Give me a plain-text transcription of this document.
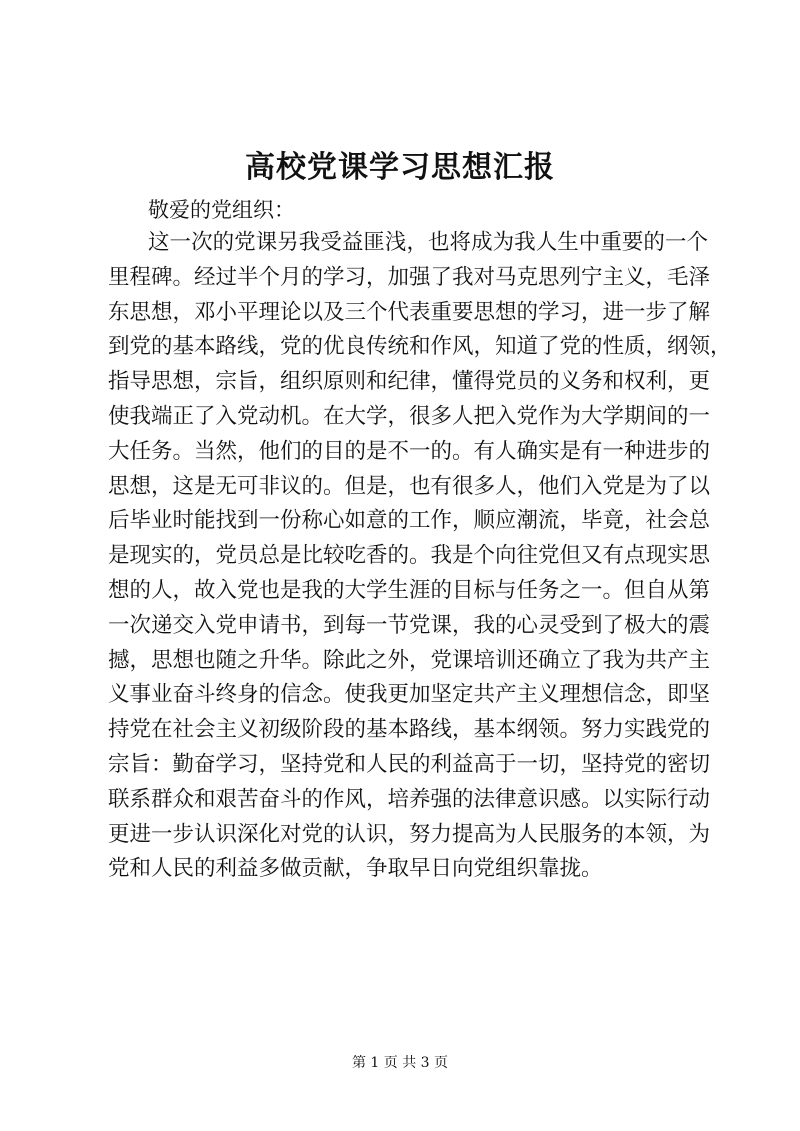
高校党课学习思想汇报

敬爱的党组织：

这一次的党课另我受益匪浅，也将成为我人生中重要的一个
里程碑。经过半个月的学习，加强了我对马克思列宁主义，毛泽
东思想，邓小平理论以及三个代表重要思想的学习，进一步了解
到党的基本路线，党的优良传统和作风，知道了党的性质，纲领，
指导思想，宗旨，组织原则和纪律，懂得党员的义务和权利，更
使我端正了入党动机。在大学，很多人把入党作为大学期间的一
大任务。当然，他们的目的是不一的。有人确实是有一种进步的
思想，这是无可非议的。但是，也有很多人，他们入党是为了以
后毕业时能找到一份称心如意的工作，顺应潮流，毕竟，社会总
是现实的，党员总是比较吃香的。我是个向往党但又有点现实思
想的人，故入党也是我的大学生涯的目标与任务之一。但自从第
一次递交入党申请书，到每一节党课，我的心灵受到了极大的震
撼，思想也随之升华。除此之外，党课培训还确立了我为共产主
义事业奋斗终身的信念。使我更加坚定共产主义理想信念，即坚
持党在社会主义初级阶段的基本路线，基本纲领。努力实践党的
宗旨：勤奋学习，坚持党和人民的利益高于一切，坚持党的密切
联系群众和艰苦奋斗的作风，培养强的法律意识感。以实际行动
更进一步认识深化对党的认识，努力提高为人民服务的本领，为
党和人民的利益多做贡献，争取早日向党组织靠拢。

第 1 页 共 3 页
